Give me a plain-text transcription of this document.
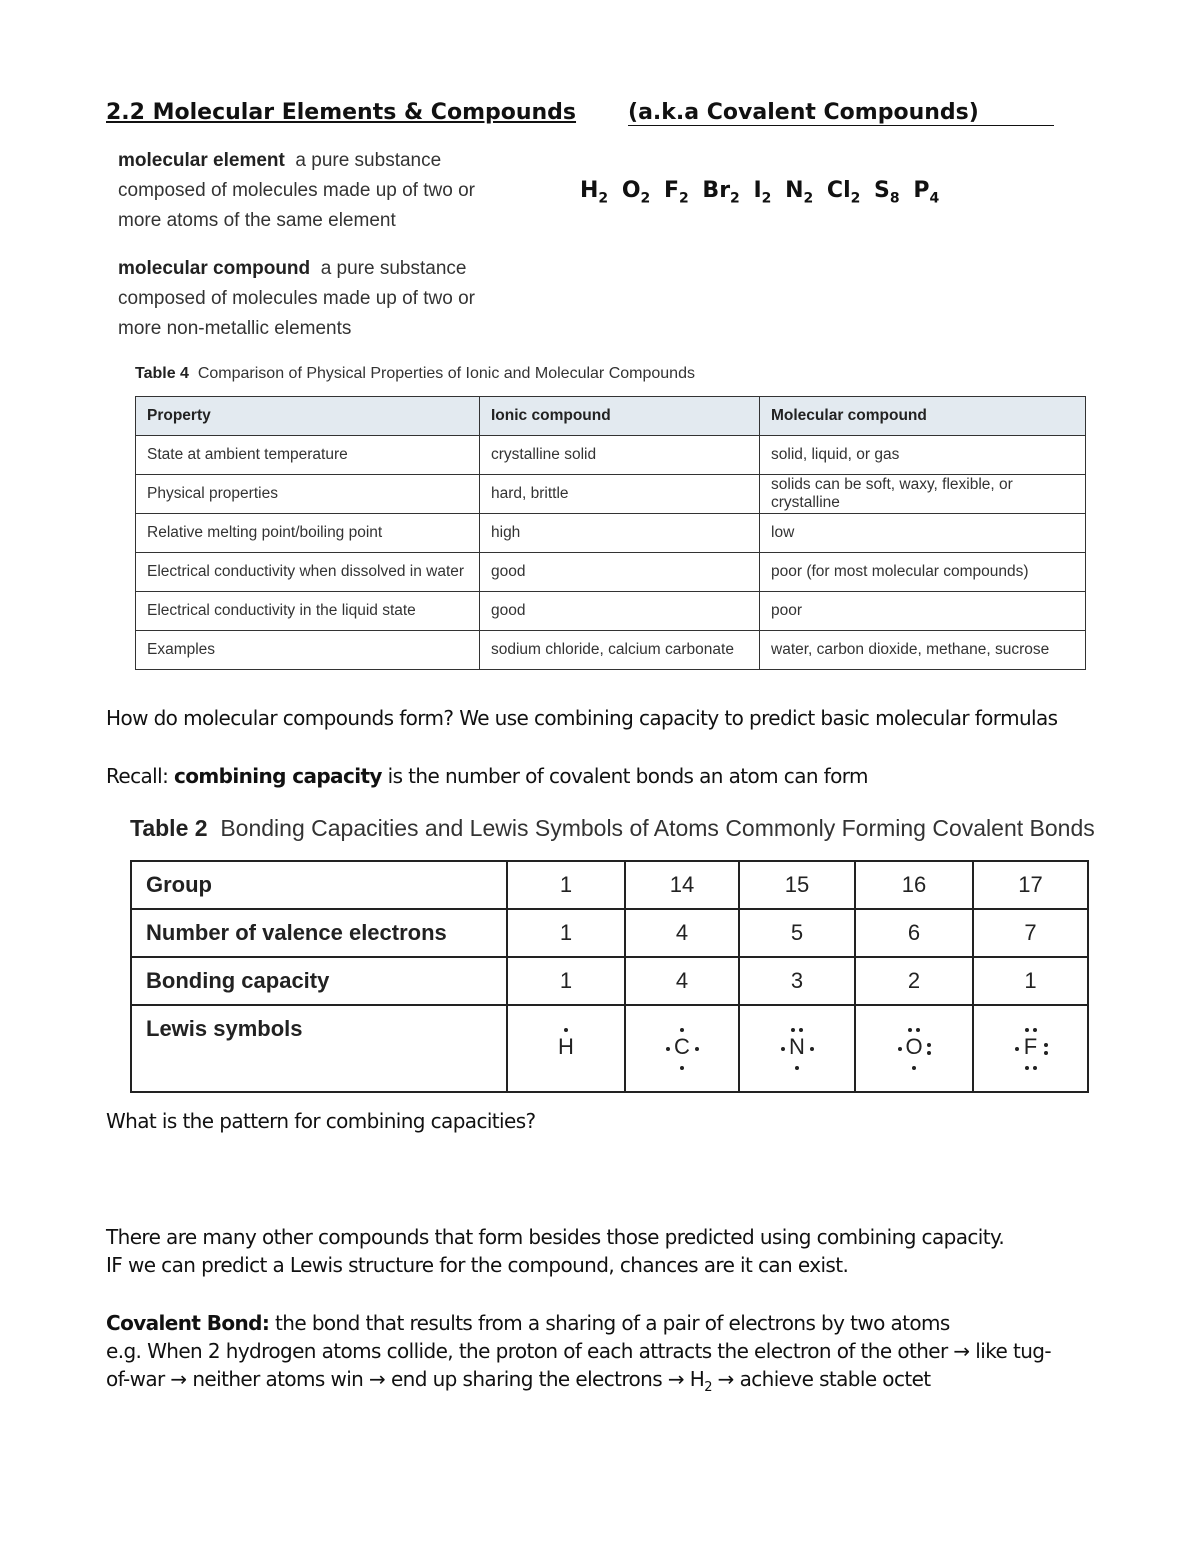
2.2 Molecular Elements & Compounds (a.k.a Covalent Compounds)

molecular element a pure substance
composed of molecules made up of two or
more atoms of the same element

molecular compound a pure substance
composed of molecules made up of two or
more non-metallic elements

$H_2$ $O_2$ $F_2$ $Br_2$ $I_2$ $N_2$ $Cl_2$ $S_8$ $P_4$
Table 4 Comparison of Physical Properties of Ionic and Molecular Compounds
Property	Ionic compound	Molecular compound
State at ambient temperature	crystalline solid	solid, liquid, or gas
Physical properties	hard, brittle	solids can be soft, waxy, flexible, or crystalline
Relative melting point/boiling point	high	low
Electrical conductivity when dissolved in water	good	poor (for most molecular compounds)
Electrical conductivity in the liquid state	good	poor
Examples	sodium chloride, calcium carbonate	water, carbon dioxide, methane, sucrose
How do molecular compounds form? We use combining capacity to predict basic molecular formulas
Recall: combining capacity is the number of covalent bonds an atom can form
Table 2 Bonding Capacities and Lewis Symbols of Atoms Commonly Forming Covalent Bonds
Group	1	14	15	16	17
Number of valence electrons	1	4	5	6	7
Bonding capacity	1	4	3	2	1
Lewis symbols	H	C	N	O	F
What is the pattern for combining capacities?
There are many other compounds that form besides those predicted using combining capacity.
IF we can predict a Lewis structure for the compound, chances are it can exist.
Covalent Bond: the bond that results from a sharing of a pair of electrons by two atoms
e.g. When 2 hydrogen atoms collide, the proton of each attracts the electron of the other → like tug-
of-war → neither atoms win → end up sharing the electrons → $H_2$ → achieve stable octet
